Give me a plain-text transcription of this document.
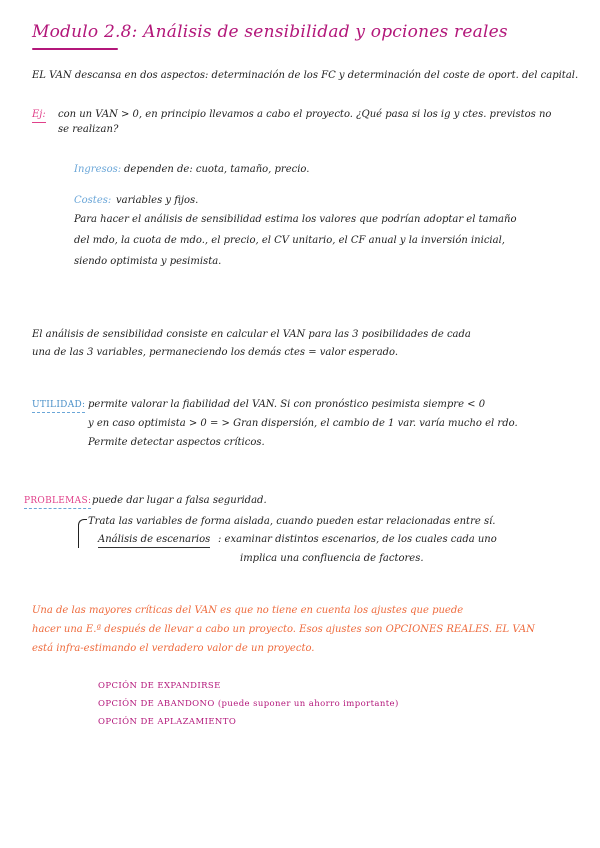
Modulo 2.8: Análisis de sensibilidad y opciones reales
EL VAN descansa en dos aspectos: determinación de los FC y determinación del coste de oport. del capital.
Ej: con un VAN > 0, en principio llevamos a cabo el proyecto. ¿Qué pasa si los ig y ctes. previstos no
se realizan?
Ingresos: dependen de: cuota, tamaño, precio.
Costes: variables y fijos.
Para hacer el análisis de sensibilidad estima los valores que podrían adoptar el tamaño
del mdo, la cuota de mdo., el precio, el CV unitario, el CF anual y la inversión inicial,
siendo optimista y pesimista.
El análisis de sensibilidad consiste en calcular el VAN para las 3 posibilidades de cada
una de las 3 variables, permaneciendo los demás ctes = valor esperado.
UTILIDAD: permite valorar la fiabilidad del VAN. Si con pronóstico pesimista siempre < 0
y en caso optimista > 0 = > Gran dispersión, el cambio de 1 var. varía mucho el rdo.
Permite detectar aspectos críticos.
PROBLEMAS: puede dar lugar a falsa seguridad.
Trata las variables de forma aislada, cuando pueden estar relacionadas entre sí.
Análisis de escenarios : examinar distintos escenarios, de los cuales cada uno
implica una confluencia de factores.
Una de las mayores críticas del VAN es que no tiene en cuenta los ajustes que puede
hacer una E.ª después de llevar a cabo un proyecto. Esos ajustes son OPCIONES REALES. EL VAN
está infra-estimando el verdadero valor de un proyecto.
OPCIÓN DE EXPANDIRSE
OPCIÓN DE ABANDONO (puede suponer un ahorro importante)
OPCIÓN DE APLAZAMIENTO
